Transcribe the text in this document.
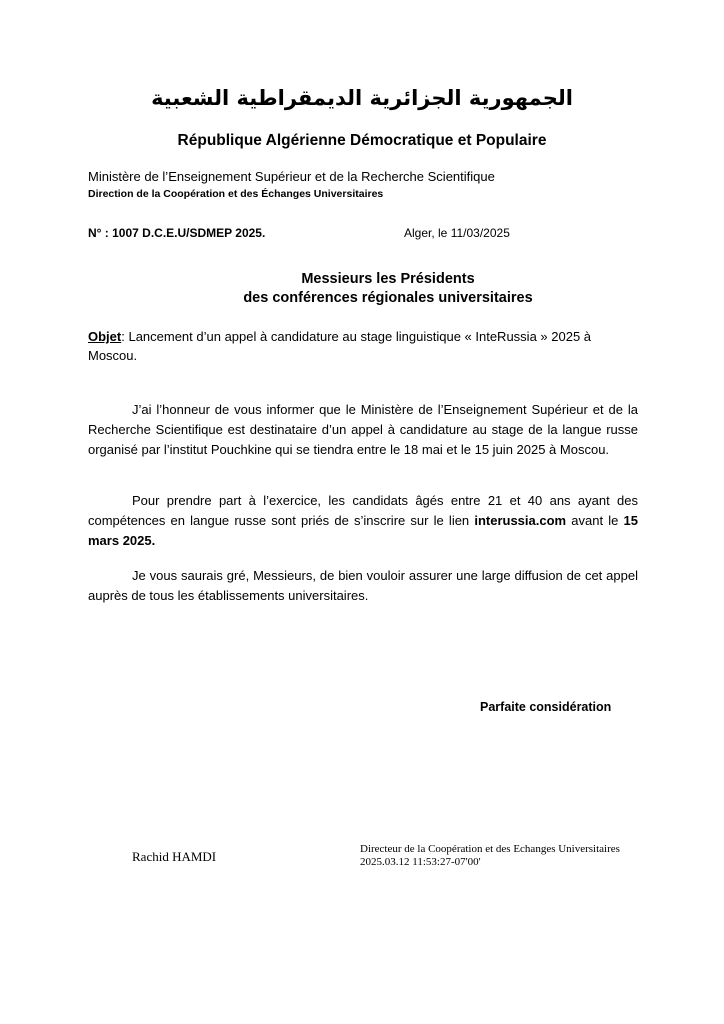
الجمهورية الجزائرية الديمقراطية الشعبية
République Algérienne Démocratique et Populaire
Ministère de l’Enseignement Supérieur et de la Recherche Scientifique
Direction de la Coopération et des Échanges Universitaires
N° : 1007 D.C.E.U/SDMEP 2025.	Alger, le 11/03/2025
Messieurs les Présidents
des conférences régionales universitaires
Objet: Lancement d’un appel à candidature au stage linguistique « InteRussia » 2025 à Moscou.
J’ai l’honneur de vous informer que le Ministère de l’Enseignement Supérieur et de la Recherche Scientifique est destinataire d’un appel à candidature au stage de la langue russe organisé par l’institut Pouchkine qui se tiendra entre le 18 mai et le 15 juin 2025 à Moscou.
Pour prendre part à l’exercice, les candidats âgés entre 21 et 40 ans ayant des compétences en langue russe sont priés de s’inscrire sur le lien interussia.com avant le 15 mars 2025.
Je vous saurais gré, Messieurs, de bien vouloir assurer une large diffusion de cet appel auprès de tous les établissements universitaires.
Parfaite considération
Rachid HAMDI	Directeur de la Coopération et des Echanges Universitaires
2025.03.12 11:53:27-07'00'
